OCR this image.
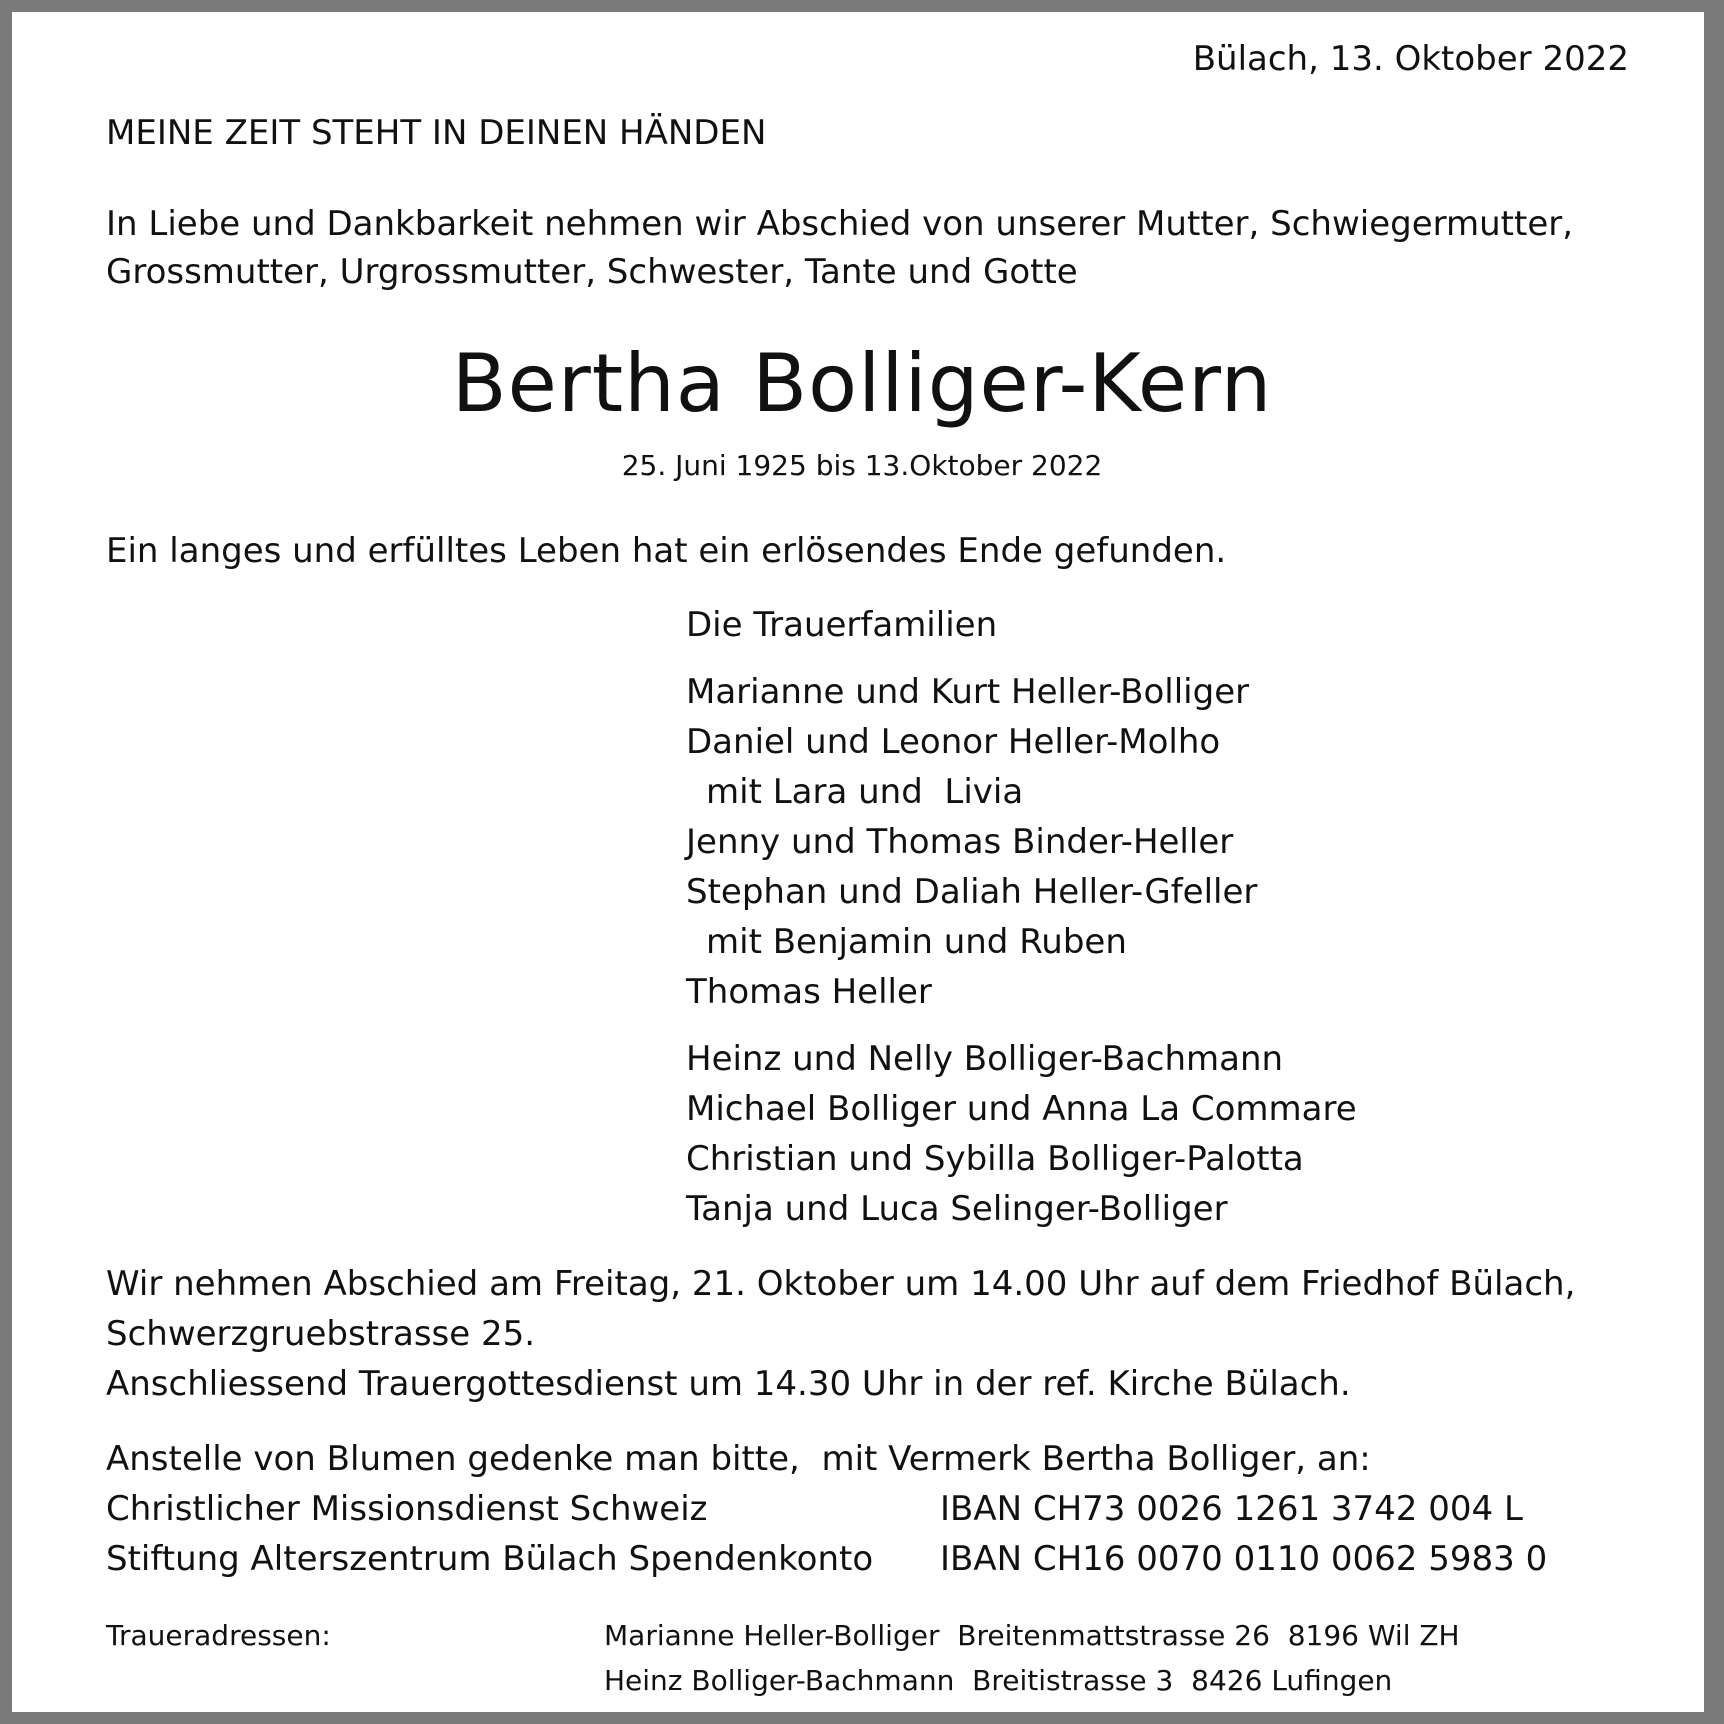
Bülach, 13. Oktober 2022
MEINE ZEIT STEHT IN DEINEN HÄNDEN
In Liebe und Dankbarkeit nehmen wir Abschied von unserer Mutter, Schwiegermutter,
Grossmutter, Urgrossmutter, Schwester, Tante und Gotte
Bertha Bolliger-Kern
25. Juni 1925 bis 13.Oktober 2022
Ein langes und erfülltes Leben hat ein erlösendes Ende gefunden.
Die Trauerfamilien
Marianne und Kurt Heller-Bolliger
Daniel und Leonor Heller-Molho
mit Lara und  Livia
Jenny und Thomas Binder-Heller
Stephan und Daliah Heller-Gfeller
mit Benjamin und Ruben
Thomas Heller
Heinz und Nelly Bolliger-Bachmann
Michael Bolliger und Anna La Commare
Christian und Sybilla Bolliger-Palotta
Tanja und Luca Selinger-Bolliger
Wir nehmen Abschied am Freitag, 21. Oktober um 14.00 Uhr auf dem Friedhof Bülach,
Schwerzgruebstrasse 25.
Anschliessend Trauergottesdienst um 14.30 Uhr in der ref. Kirche Bülach.
Anstelle von Blumen gedenke man bitte,  mit Vermerk Bertha Bolliger, an:
Christlicher Missionsdienst Schweiz	IBAN CH73 0026 1261 3742 004 L
Stiftung Alterszentrum Bülach Spendenkonto IBAN CH16 0070 0110 0062 5983 0
Traueradressen:	Marianne Heller-Bolliger  Breitenmattstrasse 26  8196 Wil ZH
Heinz Bolliger-Bachmann  Breitistrasse 3  8426 Lufingen
